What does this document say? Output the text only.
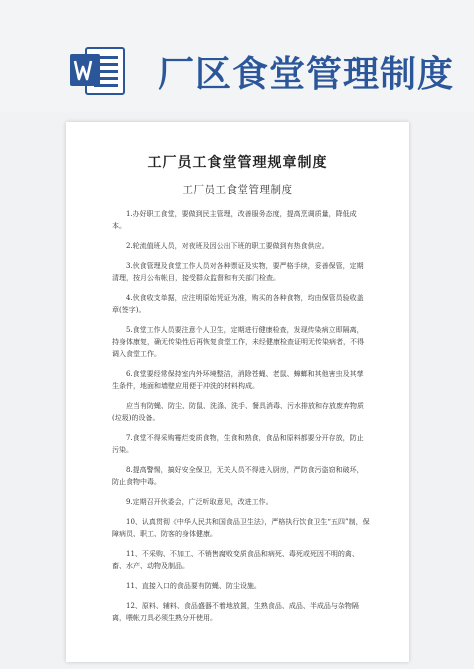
厂区食堂管理制度
工厂员工食堂管理规章制度
工厂员工食堂管理制度

1.办好职工食堂，要做到民主管理，改善服务态度，提高烹调质量，降低成本。

2.轮流值班人员，对夜班及因公出下班的职工要做到有热食供应。

3.伙食管理及食堂工作人员对各种票证及实物，要严格手续，妥善保管，定期清理，按月公布帐目，接受群众监督和有关部门检查。

4.伙食收支单据，应注明原始凭证为准，购买的各种食物，均由保管员验收盖章(签字)。

5.食堂工作人员要注意个人卫生，定期进行健康检查，发现传染病立即隔离，持身体康复，确无传染性后再恢复食堂工作，未经健康检查证明无传染病者，不得调入食堂工作。

6.食堂要经常保持室内外环境整洁，消除苍蝇、老鼠、蟑螂和其他害虫及其孳生条件，地面和墙壁应用便于冲洗的材料构成。

应当有防蝇、防尘、防鼠、洗涤、洗手、餐具消毒、污水排放和存放废弃物质(垃圾)的设备。

7.食堂不得采购霉烂变质食物，生食和熟食，食品和原料都要分开存放，防止污染。

8.提高警惕，搞好安全保卫，无关人员不得进入厨房，严防食污盗窃和破坏，防止食物中毒。

9.定期召开伙委会，广泛听取意见，改进工作。

10、认真贯彻《中华人民共和国食品卫生法》，严格执行饮食卫生“五四”制，保障病员、职工、防客的身体健康。

11、不采购、不加工、不销售腐败变质食品和病死、毒死或死因不明的禽、畜、水产、动物及制品。

11、直接入口的食品要有防蝇、防尘设施。

12、原料、辅料、食品盛器不着地放置，生熟食品、成品、半成品与杂物隔离，喂帐刀具必须生熟分开使用。
